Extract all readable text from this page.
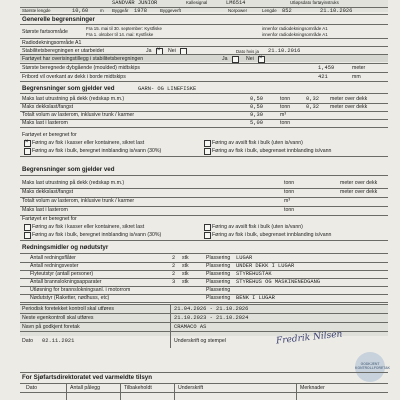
Kallesignal	LM6514	Utløpsdato fartøyinstruks
SANDVÆR JUNIOR
Største lengde	10,60	m Byggeår 1978	Byggeverft	Norpower	Lengde 852	21.10.2026
Generelle begrensninger
Største fartsområde
Fra 15. mai til 30. september: Kystfiske
Fra 1. oktober til 14. mai: Kystfiske
innenfor radiodekningsområde A1
innenfor radiodekningsområde A1
Radiodekningsområde A1
Stabilitetsberegningen er utarbeidet	Ja
×	Nei	Dato hvis ja 21.10.2016
Fartøyet har overisingstillegg i stabilitetsberegningen	Ja	Nei
×
Største beregnede dybgående (moulded) midtskips	1,459	meter
Fribord vil overkant av dekk i borde midtskips	421	mm
Begrensninger som gjelder ved	GARN- OG LINEFISKE
Maks last utrustning på dekk (redskap m.m.)	0,50	tonn	0,32 meter over dekk
Maks dekkslast/fangst	0,50	tonn	0,32 meter over dekk
Totalt volum av lasterom, inklusive trunk / karmer	9,30	m³
Maks last i lasterom	5,00	tonn
Fartøyet er beregnet for
×
Føring av fisk i kasser eller kontainere, sikret last	Føring av avsilt fisk i bulk (uten is/vann)
Føring av fisk i bulk, beregnet innblanding is/vann (30%)	Føring av fisk i bulk, ubegrenset innblanding is/vann
Begrensninger som gjelder ved
Maks last utrustning på dekk (redskap m.m.)	tonn	meter over dekk
Maks dekkslast/fangst	tonn	meter over dekk
Totalt volum av lasterom, inklusive trunk / karmer	m³
Maks last i lasterom	tonn
Fartøyet er beregnet for
Føring av fisk i kasser eller kontainere, sikret last	Føring av avsilt fisk i bulk (uten is/vann)
Føring av fisk i bulk, beregnet innblanding is/vann (30%)	Føring av fisk i bulk, ubegrenset innblanding is/vann
Redningsmidler og nødutstyr
Antall redningsflåter	2 stk	Plassering LUGAR
Antall redningsvester	2 stk	Plassering UNDER DEKK I LUGAR
Flyteutstyr (antall personer)	2 stk	Plassering STYREHUSTAK
Antall brannslokningsapparater	3 stk	Plassering STYREHUS OG MASKINENEDGANG
Utløsning for brannslokningsanl. i motorrom	Plassering
Nødutstyr (Raketter, nødhuss, etc)	Plassering BENK I LUGAR
Periodisk foretekket kontroll skal utføres	21.04.2026 - 21.10.2026
Neste egenkontroll skal utføres	21.10.2023 - 21.10.2024
Navn på godkjent foretak	CRAMACO AS
Dato 02.11.2021	Underskrift og stempel	Fredrik Nilsen
GODKJENT KONTROLLFORETAK
For Sjøfartsdirektoratet ved varmeldte tilsyn
Dato	Antall pålegg	Tilbakeholdt	Underskrift	Merknader
